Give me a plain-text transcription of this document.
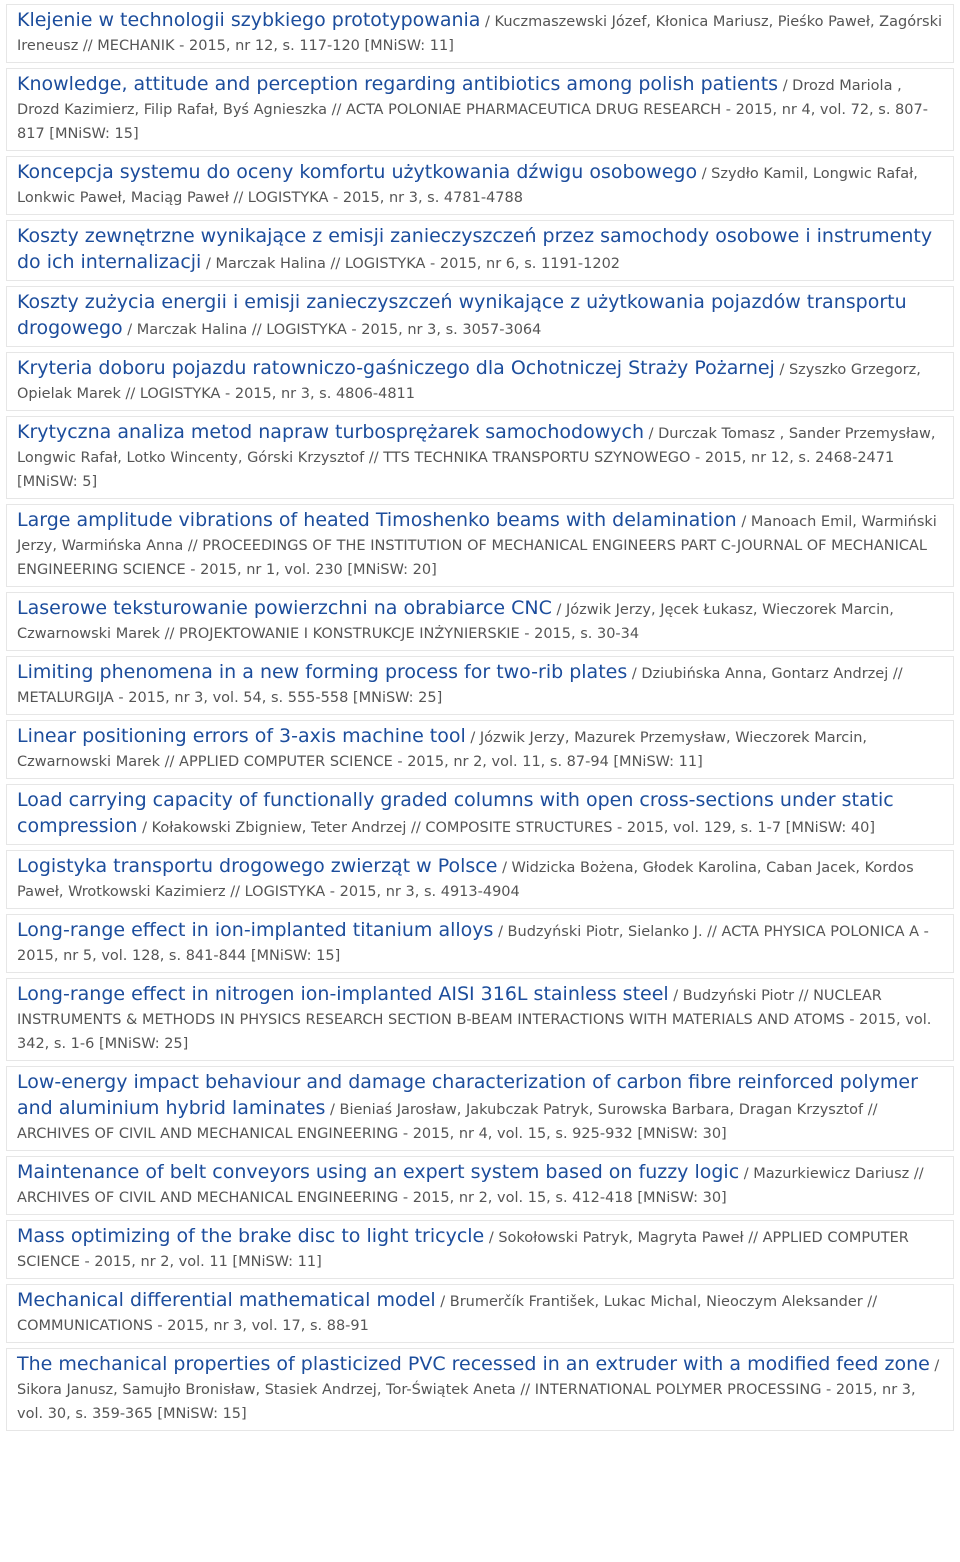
Klejenie w technologii szybkiego prototypowania / Kuczmaszewski Józef, Kłonica Mariusz, Pieśko Paweł, Zagórski Ireneusz // MECHANIK - 2015, nr 12, s. 117-120 [MNiSW: 11]
Knowledge, attitude and perception regarding antibiotics among polish patients / Drozd Mariola , Drozd Kazimierz, Filip Rafał, Byś Agnieszka // ACTA POLONIAE PHARMACEUTICA DRUG RESEARCH - 2015, nr 4, vol. 72, s. 807-817 [MNiSW: 15]
Koncepcja systemu do oceny komfortu użytkowania dźwigu osobowego / Szydło Kamil, Longwic Rafał, Lonkwic Paweł, Maciąg Paweł // LOGISTYKA - 2015, nr 3, s. 4781-4788
Koszty zewnętrzne wynikające z emisji zanieczyszczeń przez samochody osobowe i instrumenty do ich internalizacji / Marczak Halina // LOGISTYKA - 2015, nr 6, s. 1191-1202
Koszty zużycia energii i emisji zanieczyszczeń wynikające z użytkowania pojazdów transportu drogowego / Marczak Halina // LOGISTYKA - 2015, nr 3, s. 3057-3064
Kryteria doboru pojazdu ratowniczo-gaśniczego dla Ochotniczej Straży Pożarnej / Szyszko Grzegorz, Opielak Marek // LOGISTYKA - 2015, nr 3, s. 4806-4811
Krytyczna analiza metod napraw turbosprężarek samochodowych / Durczak Tomasz , Sander Przemysław, Longwic Rafał, Lotko Wincenty, Górski Krzysztof // TTS TECHNIKA TRANSPORTU SZYNOWEGO - 2015, nr 12, s. 2468-2471 [MNiSW: 5]
Large amplitude vibrations of heated Timoshenko beams with delamination / Manoach Emil, Warmiński Jerzy, Warmińska Anna // PROCEEDINGS OF THE INSTITUTION OF MECHANICAL ENGINEERS PART C-JOURNAL OF MECHANICAL ENGINEERING SCIENCE - 2015, nr 1, vol. 230 [MNiSW: 20]
Laserowe teksturowanie powierzchni na obrabiarce CNC / Józwik Jerzy, Jęcek Łukasz, Wieczorek Marcin, Czwarnowski Marek // PROJEKTOWANIE I KONSTRUKCJE INŻYNIERSKIE - 2015, s. 30-34
Limiting phenomena in a new forming process for two-rib plates / Dziubińska Anna, Gontarz Andrzej // METALURGIJA - 2015, nr 3, vol. 54, s. 555-558 [MNiSW: 25]
Linear positioning errors of 3-axis machine tool / Józwik Jerzy, Mazurek Przemysław, Wieczorek Marcin, Czwarnowski Marek // APPLIED COMPUTER SCIENCE - 2015, nr 2, vol. 11, s. 87-94 [MNiSW: 11]
Load carrying capacity of functionally graded columns with open cross-sections under static compression / Kołakowski Zbigniew, Teter Andrzej // COMPOSITE STRUCTURES - 2015, vol. 129, s. 1-7 [MNiSW: 40]
Logistyka transportu drogowego zwierząt w Polsce / Widzicka Bożena, Głodek Karolina, Caban Jacek, Kordos Paweł, Wrotkowski Kazimierz // LOGISTYKA - 2015, nr 3, s. 4913-4904
Long-range effect in ion-implanted titanium alloys / Budzyński Piotr, Sielanko J. // ACTA PHYSICA POLONICA A - 2015, nr 5, vol. 128, s. 841-844 [MNiSW: 15]
Long-range effect in nitrogen ion-implanted AISI 316L stainless steel / Budzyński Piotr // NUCLEAR INSTRUMENTS & METHODS IN PHYSICS RESEARCH SECTION B-BEAM INTERACTIONS WITH MATERIALS AND ATOMS - 2015, vol. 342, s. 1-6 [MNiSW: 25]
Low-energy impact behaviour and damage characterization of carbon fibre reinforced polymer and aluminium hybrid laminates / Bieniaś Jarosław, Jakubczak Patryk, Surowska Barbara, Dragan Krzysztof // ARCHIVES OF CIVIL AND MECHANICAL ENGINEERING - 2015, nr 4, vol. 15, s. 925-932 [MNiSW: 30]
Maintenance of belt conveyors using an expert system based on fuzzy logic / Mazurkiewicz Dariusz // ARCHIVES OF CIVIL AND MECHANICAL ENGINEERING - 2015, nr 2, vol. 15, s. 412-418 [MNiSW: 30]
Mass optimizing of the brake disc to light tricycle / Sokołowski Patryk, Magryta Paweł // APPLIED COMPUTER SCIENCE - 2015, nr 2, vol. 11 [MNiSW: 11]
Mechanical differential mathematical model / Brumerčík František, Lukac Michal, Nieoczym Aleksander // COMMUNICATIONS - 2015, nr 3, vol. 17, s. 88-91
The mechanical properties of plasticized PVC recessed in an extruder with a modified feed zone / Sikora Janusz, Samujło Bronisław, Stasiek Andrzej, Tor-Świątek Aneta // INTERNATIONAL POLYMER PROCESSING - 2015, nr 3, vol. 30, s. 359-365 [MNiSW: 15]
